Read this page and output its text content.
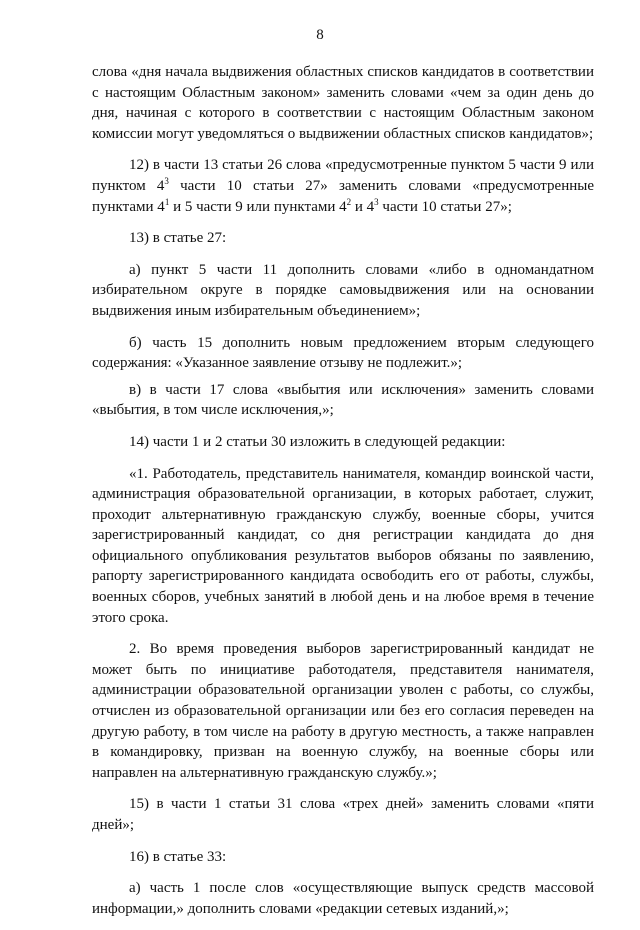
8

слова «дня начала выдвижения областных списков кандидатов в соответствии с настоящим Областным законом» заменить словами «чем за один день до дня, начиная с которого в соответствии с настоящим Областным законом комиссии могут уведомляться о выдвижении областных списков кандидатов»;

12) в части 13 статьи 26 слова «предусмотренные пунктом 5 части 9 или пунктом $4^3$ части 10 статьи 27» заменить словами «предусмотренные пунктами $4^1$ и 5 части 9 или пунктами $4^2$ и $4^3$ части 10 статьи 27»;

13) в статье 27:

а) пункт 5 части 11 дополнить словами «либо в одномандатном избирательном округе в порядке самовыдвижения или на основании выдвижения иным избирательным объединением»;

б) часть 15 дополнить новым предложением вторым следующего содержания: «Указанное заявление отзыву не подлежит.»;

в) в части 17 слова «выбытия или исключения» заменить словами «выбытия, в том числе исключения,»;

14) части 1 и 2 статьи 30 изложить в следующей редакции:

«1. Работодатель, представитель нанимателя, командир воинской части, администрация образовательной организации, в которых работает, служит, проходит альтернативную гражданскую службу, военные сборы, учится зарегистрированный кандидат, со дня регистрации кандидата до дня официального опубликования результатов выборов обязаны по заявлению, рапорту зарегистрированного кандидата освободить его от работы, службы, военных сборов, учебных занятий в любой день и на любое время в течение этого срока.

2. Во время проведения выборов зарегистрированный кандидат не может быть по инициативе работодателя, представителя нанимателя, администрации образовательной организации уволен с работы, со службы, отчислен из образовательной организации или без его согласия переведен на другую работу, в том числе на работу в другую местность, а также направлен в командировку, призван на военную службу, на военные сборы или направлен на альтернативную гражданскую службу.»;

15) в части 1 статьи 31 слова «трех дней» заменить словами «пяти дней»;

16) в статье 33:

а) часть 1 после слов «осуществляющие выпуск средств массовой информации,» дополнить словами «редакции сетевых изданий,»;
